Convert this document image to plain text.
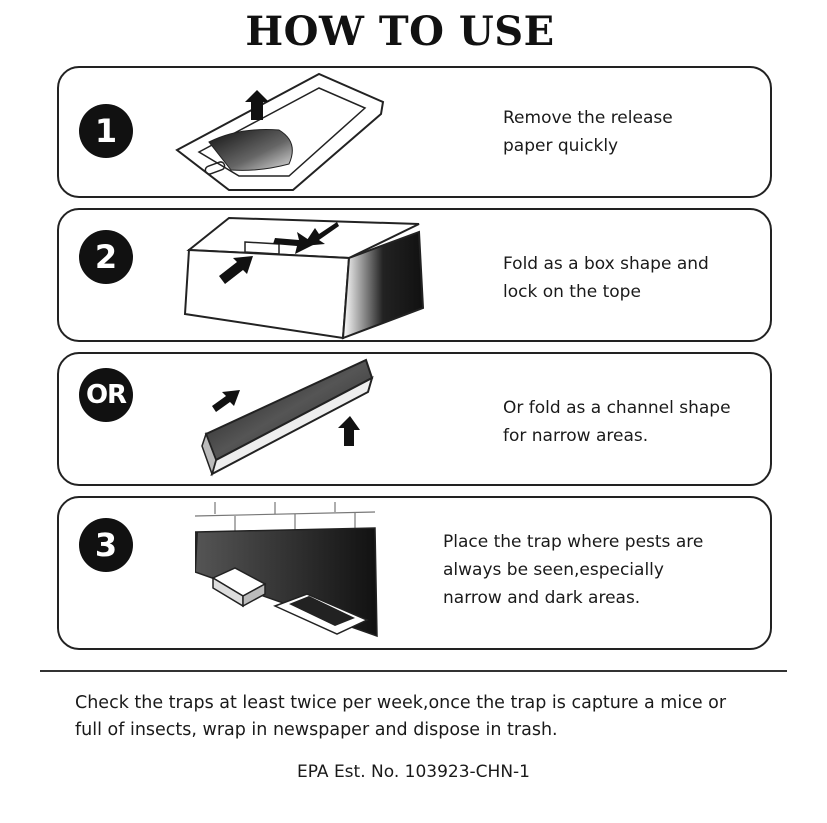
HOW TO USE
1	Remove the release
paper quickly
2	Fold as a box shape and
lock on the tope
OR	Or fold as a channel shape
for narrow areas.
3	Place the trap where pests are
always be seen,especially
narrow and dark areas.
Check the traps at least twice per week,once the trap is capture a mice or
full of insects, wrap in newspaper and dispose in trash.
EPA Est. No. 103923-CHN-1
